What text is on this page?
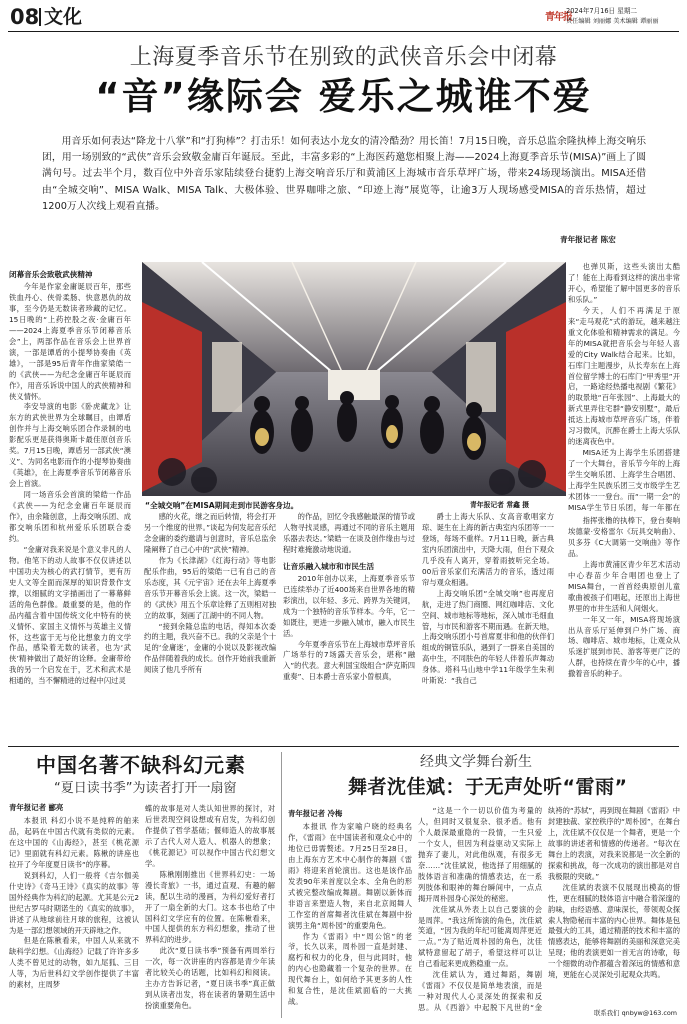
08 文化	青年报
2024年7月16日 星期二
责任编辑 刘丽娜 美术编辑 谭丽丽
上海夏季音乐节在别致的武侠音乐会中闭幕
“音”缘际会 爱乐之城谁不爱
用音乐如何表达“降龙十八掌”和“打狗棒”？打击乐！如何表达小龙女的清冷酷劲？用长笛！7月15日晚，音乐总监余隆执棒上海交响乐团，用一场别致的“武侠”音乐会致敬金庸百年诞辰。至此，丰富多彩的“上海医药邀您相聚上海——2024上海夏季音乐节(MISA)”画上了圆满句号。过去半个月，数百位中外音乐家陆续登台捷豹上海交响音乐厅和黄浦区上海城市音乐草坪广场，带来24场现场演出。MISA还借由“全城交响”、MISA Walk、MISA Talk、大极体验、世界咖啡之旅、“印迹上海”展览等，让逾3万人现场感受MISA的音乐热情，超过1200万人次线上观看直播。
青年报记者 陈宏
闭幕音乐会致敬武侠精神

今年是作家金庸诞辰百年，那些铁血丹心、侠骨柔肠、快意恩仇的故事，至今仍是无数读者珍藏的记忆。15日晚的“上药控股之夜·金庸百年——2024上海夏季音乐节闭幕音乐会”上，两部作品在音乐会上世界首演，一部是谭盾的小提琴协奏曲《英雄》，一部是95后青年作曲家梁皓一的《武侠——为纪念金庸百年诞辰而作》，用音乐诉说中国人的武侠精神和侠义情怀。

李安导演的电影《卧虎藏龙》让东方的武侠世界为全球瞩目，由谭盾创作并与上海交响乐团合作录制的电影配乐更是获得奥斯卡最佳原创音乐奖。7月15日晚，谭盾另一部武侠“澳义”、为同名电影而作的小提琴协奏曲《英雄》，在上海夏季音乐节闭幕音乐会上首演。

同一场音乐会首演的梁皓一作品《武侠——为纪念金庸百年诞辰而作》，由余隆创意，上海交响乐团、成都交响乐团和杭州爱乐乐团联合委约。

“金庸对我来说是个意义非凡的人物。他笔下的动人故事不仅仅讲述以中国功夫为核心的武打情节，更有历史人文等全面而深厚的知识背景作支撑，以细腻的文字描画出了一幕幕鲜活的角色群像。最重要的是，他的作品内蕴含着中国传统文化中特有的侠义情怀、家国主义情怀与英雄主义情怀，这些富于无与伦比想象力的文学作品，感染着无数的读者，也为‘武侠’精神做出了最好的诠释。金庸带给我的另一个启发在于，艺术和武术是相通的，当不懈精进的过程中闪过灵

“全城交响”在MISA期间走到市民游客身边。	青年报记者 常鑫 摄

感的火花，继之而后转情，将会打开另一个维度的世界。”谈起为何发起音乐纪念金庸的委约邀请与创意时，音乐总监余隆阐释了自己心中的“武侠”精神。

作为《长津湖》《红海行动》等电影配乐作曲，95后的梁皓一已有自己的音乐态度，其《元宇宙》还在去年上海夏季音乐节开幕音乐会上演。这一次，梁皓一的《武侠》用五个乐章诠释了五则相对独立的故事，刻画了江湖中的不同人物。

“接到余隆总监的电话，得知本次委约的主题，我兴奋不已。我的父亲是个十足的‘金庸迷’，金庸的小说以及影视改编作品伴随着我的成长。创作开始前我重新阅读了他几乎所有

的作品，回忆令我感触最深的情节或人物寻找灵感，再通过不同的音乐主题用乐器去表达。”梁皓一在谈及创作缘由与过程时难掩激动地说道。

让音乐融入城市和市民生活

2010年创办以来，上海夏季音乐节已连续举办了近400场来自世界各地的精彩演出，以年轻、多元、跨界为关键词，成为一个独特的音乐节样本。今年，它一如既往，更进一步融入城市，融入市民生活。

今年夏季音乐节在上海城市草坪音乐广场举行的7场露天音乐会，堪称“融入”的代表。意大利国宝级组合“萨克斯四重奏”、日本爵士音乐家小曽根真，

爵士上海大乐队、女高音歌唱家方琼、诞生在上海的新古典室内乐团等一一登场，每场不重样。7月11日晚，新古典室内乐团演出中，天降大雨，但台下观众几乎没有人离开，穿着雨披听完全场。00后音乐家们充满活力的音乐，透过雨帘与观众相遇。

上海交响乐团“全城交响”也再度启航，走进了热门商圈、网红咖啡店、文化空间、城市地标等地标，深入城市毛细血管，与市民和游客不期而遇。在新天地，上海交响乐团小号首席夏非和他的伙伴们组成的铜管乐队，遇到了一群来自美国的高中生，不同肤色的年轻人伴着乐声舞动身体。塔科马山地中学11年级学生朱利叶斯说：“我自己

也弹贝斯，这些头演出太酷了！能在上海看到这样的演出非常开心，希望能了解中国更多的音乐和乐队。”

今天，人们不再满足于原来“走马观花”式的游玩，越来越注重文化体验和精神需求的满足。今年的MISA就把音乐会与年轻人喜爱的City Walk结合起来。比如，石库门主题漫步，从长寿东在上海首位留学博士的石库门“甲秀里”开启，一路途经热播电视剧《繁花》的取景地“百年张园”、上海最大的新式里弄住宅群“静安别墅”，最后抵达上海城市草坪音乐广场，伴着习习微风，沉醉在爵士上海大乐队的迷离夜色中。

MISA还为上海学生乐团搭建了一个大舞台，音乐节今年的上海学生交响乐团、上海学生合唱团、上海学生民族乐团三支市级学生艺术团体一一登台。而“一期一会”的MISA学生节日乐团，每一年都在

指挥张橹的执棒下，登台奏响埃德蒙·安格雷尔《玩具交响曲》、贝多芬《C大调第一交响曲》等作品。

上海市黄浦区青少年艺术活动中心春苗少年合唱团也登上了MISA舞台，一首首经典原创儿童歌曲被孩子们唱起，还原出上海世界里的市井生活和人间烟火。

一年又一年，MISA将现场演出从音乐厅延伸到户外广场、商场、咖啡店、城市地标，让观众从乐迷扩展到市民、游客等更广泛的人群，也持续在青少年的心中，播撒着音乐的种子。

中国名著不缺科幻元素
“夏日读书季”为读者打开一扇窗
青年报记者 郦亮

本报讯 科幻小说不是纯粹的舶来品，起码在中国古代就有类似的元素。在这中国的《山海经》，甚至《桃花源记》里面就有科幻元素。陈楸的讲座也拉开了今年度夏日读书“的序幕。

说到科幻，人们一般将《吉尔伽美什史诗》《奇马王诗》《真实的故事》等国外经典作为科幻的起源。尤其是公元2世纪古罗马时期诺生的《真实的故事》，讲述了从地球前往月球的旅程，这被认为是一部幻想领域的开天辟地之作。

但是在陈楸看来，中国人从来就不缺科学幻想。《山海经》记载了许许多多人类不曾见过的动物，如九尾狐、三目人等，为后世科幻文学创作提供了丰富的素材，庄周梦

蝶的故事是对人类认知世界的探讨，对后世表现空间设想或有启发，为科幻创作提供了哲学基础；偃师造人的故事展示了古代人对人造人、机器人的想象；《桃花源记》可以视作中国古代幻想文学。

陈楸刚刚推出《世界科幻史：一场漫长奇旅》一书，通过直观、有趣的解读，配以生动的漫画，为科幻爱好者打开了一扇全新的大门。这本书也给了中国科幻文学应有的位置。在陈楸看来，中国人提供的东方科幻想象，推动了世界科幻的进步。

此次“夏日读书季”预备有两周举行一次，每一次讲座的内容都是青少年读者比较关心的话题，比如科幻和阅读。主办方告诉记者，“夏日读书季”真正做到从读者出发，将在读者的暑期生活中扮演重要角色。

经典文学舞台新生
舞者沈佳斌：于无声处听“雷雨”
青年报记者 冷梅

本报讯 作为家喻户晓的经典名作，《雷雨》在中国读者和观众心中的地位已毋需赘述。7月25日至28日，由上海东方艺术中心制作的舞剧《雷雨》将迎来首轮演出。这也是该作品发表90年来首度以全本、全角色的形式被完整改编成舞剧。舞剧以新体而非语言来塑造人物，来自北京闻舞人工作室的首席舞者沈佳斌在舞剧中扮演男主角“周朴园”的重要角色。

作为《雷雨》中“周公馆”的老爷，长久以来，周朴园一直是封建、腐朽和权力的化身，但与此同时，他的内心也隐藏着一个复杂的世界。在现代舞台上，如何给予其更多的人性和复合性，是沈佳斌面临的一大挑战。

“这是一个一切以价值为考量的人，但同时又很复杂、很矛盾。他有个人最深最重隐的一段情，一生只爱一个女人，但因为利益驱动又实际上抛弃了妻儿，对此他纵观，有很多无奈……”沈佳斌说，他选择了用细腻的肢体语言和准确的情感表达，在一系列肢体和眼神的舞台瞬间中，一点点揭开周朴园身心深处的秘密。

沈佳斌从外表上以自己要演的会是周萍。“我这所饰演的角色，沈佳斌笑道，“因为我的年纪可能离周萍更近一点。”为了贴近周朴园的角色，沈佳斌特意留起了胡子，希望这样可以让自己看起来更成熟稳重一点。

沈佳斌认为，通过舞蹈，舞剧《雷雨》不仅仅是简单地表演，而是一种对现代人心灵深处的探索和反思。从《西游》中起脱下凡世的“金

纨袴的“苏轼”，再到现在舞剧《雷雨》中封建独裁、家控秩序的“周朴园”，在舞台上，沈佳斌不仅仅是一个舞者，更是一个故事的讲述者和情感的传递者。“每次在舞台上的表演，对我来说都是一次全新的探索和挑战，每一次成功的演出都是对自我极限的突破。”

沈佳斌的表演不仅展现出模高的惜性，更在细腻的肢体语言中融合着深邃的韵味，由经语感、意味深长，带领观众探索人物隐秘而丰富的内心世界。舞体是包最强大的工具，通过精湛的技术和丰富的情感表达，能够将舞剧的美丽和深意完美呈现；他的表演更如一首无言的诗歌，每一个细微的动作都蕴含着深远的情感和意境，更能在心灵深处引起观众共鸣。

联系我们 qnbyw@163.com
